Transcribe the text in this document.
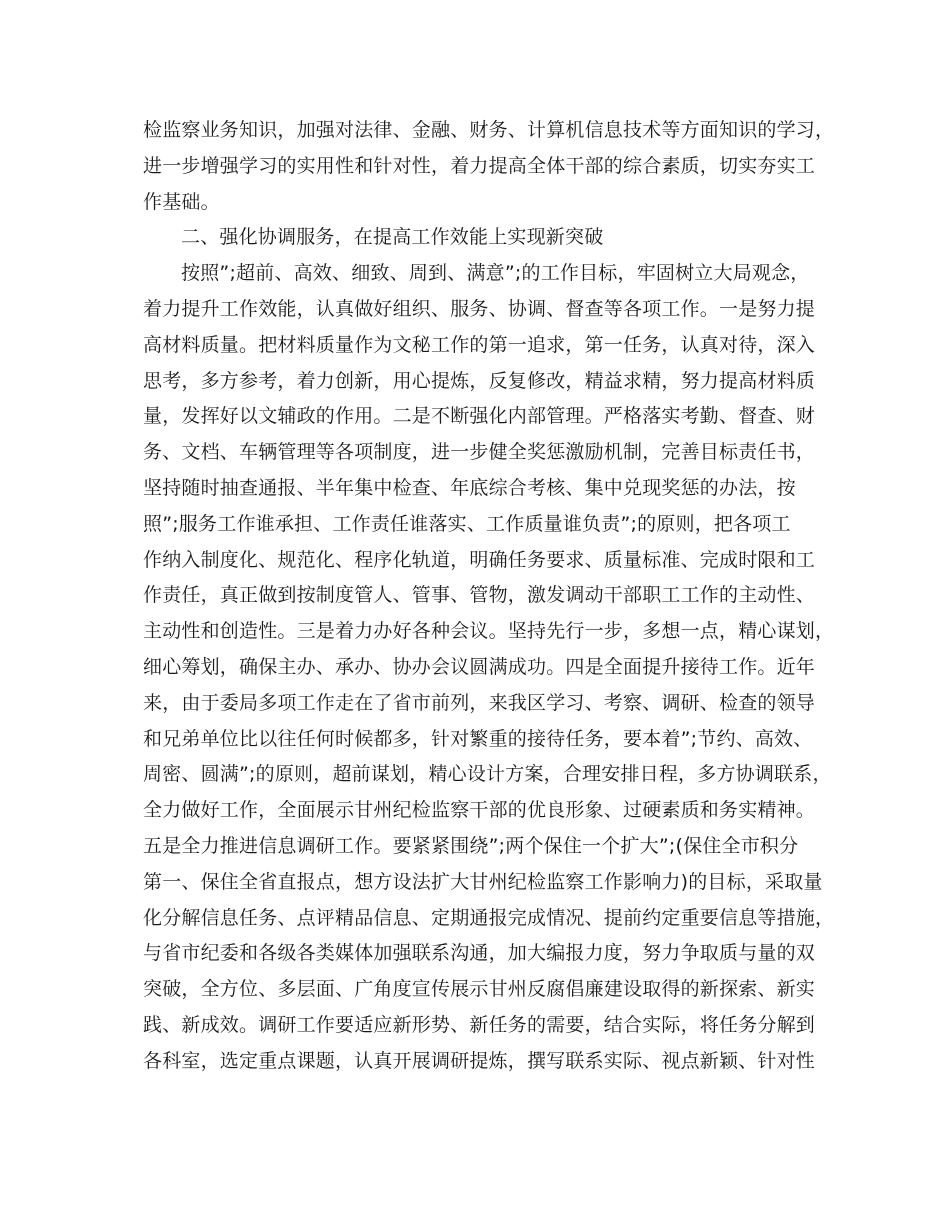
检监察业务知识，加强对法律、金融、财务、计算机信息技术等方面知识的学习，
进一步增强学习的实用性和针对性，着力提高全体干部的综合素质，切实夯实工
作基础。
二、强化协调服务，在提高工作效能上实现新突破
按照”;超前、高效、细致、周到、满意”;的工作目标，牢固树立大局观念，
着力提升工作效能，认真做好组织、服务、协调、督查等各项工作。一是努力提
高材料质量。把材料质量作为文秘工作的第一追求，第一任务，认真对待，深入
思考，多方参考，着力创新，用心提炼，反复修改，精益求精，努力提高材料质
量，发挥好以文辅政的作用。二是不断强化内部管理。严格落实考勤、督查、财
务、文档、车辆管理等各项制度，进一步健全奖惩激励机制，完善目标责任书，
坚持随时抽查通报、半年集中检查、年底综合考核、集中兑现奖惩的办法，按
照”;服务工作谁承担、工作责任谁落实、工作质量谁负责”;的原则，把各项工
作纳入制度化、规范化、程序化轨道，明确任务要求、质量标准、完成时限和工
作责任，真正做到按制度管人、管事、管物，激发调动干部职工工作的主动性、
主动性和创造性。三是着力办好各种会议。坚持先行一步，多想一点，精心谋划，
细心筹划，确保主办、承办、协办会议圆满成功。四是全面提升接待工作。近年
来，由于委局多项工作走在了省市前列，来我区学习、考察、调研、检查的领导
和兄弟单位比以往任何时候都多，针对繁重的接待任务，要本着”;节约、高效、
周密、圆满”;的原则，超前谋划，精心设计方案，合理安排日程，多方协调联系，
全力做好工作，全面展示甘州纪检监察干部的优良形象、过硬素质和务实精神。
五是全力推进信息调研工作。要紧紧围绕”;两个保住一个扩大”;(保住全市积分
第一、保住全省直报点，想方设法扩大甘州纪检监察工作影响力)的目标，采取量
化分解信息任务、点评精品信息、定期通报完成情况、提前约定重要信息等措施，
与省市纪委和各级各类媒体加强联系沟通，加大编报力度，努力争取质与量的双
突破，全方位、多层面、广角度宣传展示甘州反腐倡廉建设取得的新探索、新实
践、新成效。调研工作要适应新形势、新任务的需要，结合实际，将任务分解到
各科室，选定重点课题，认真开展调研提炼，撰写联系实际、视点新颖、针对性
